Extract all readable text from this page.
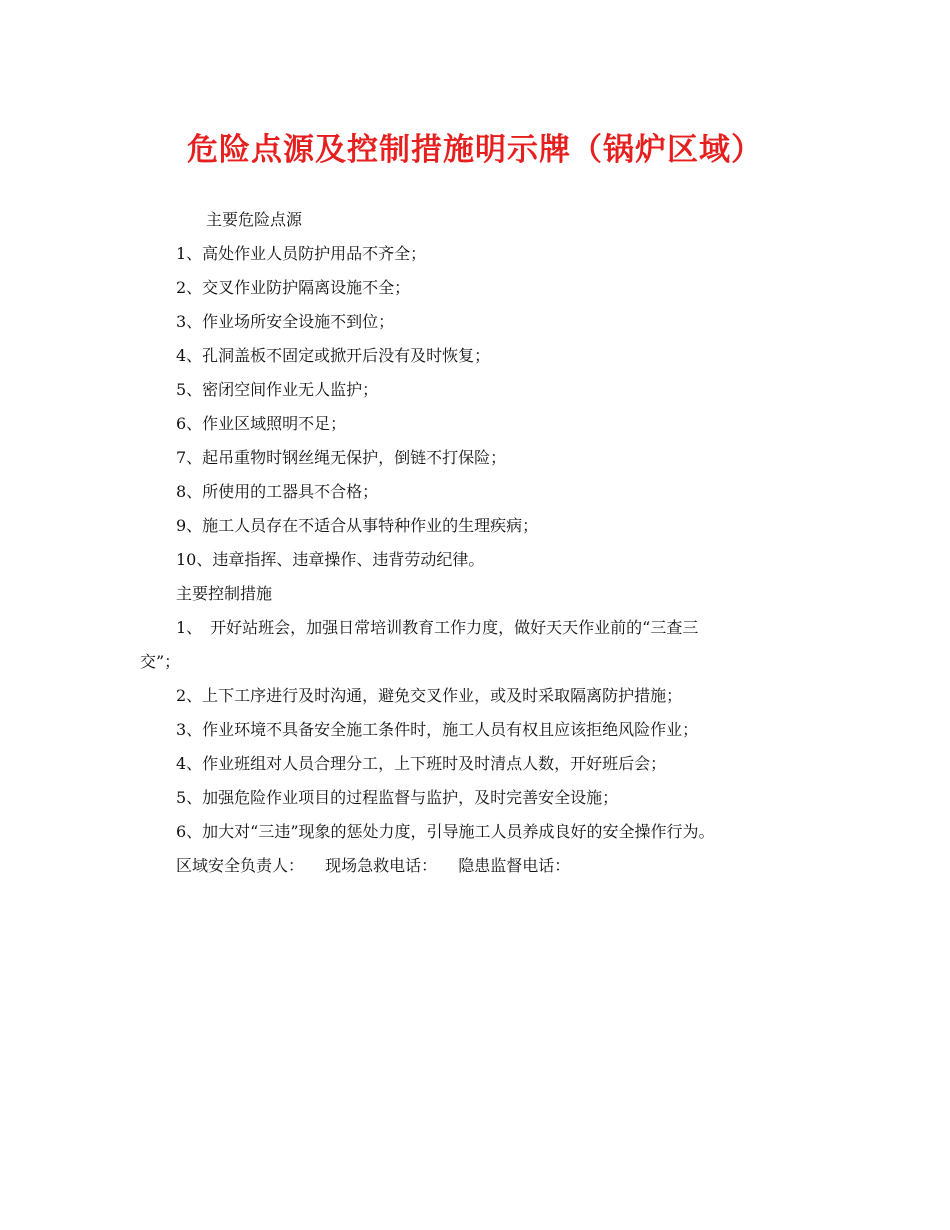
危险点源及控制措施明示牌（锅炉区域）
主要危险点源
1、高处作业人员防护用品不齐全；
2、交叉作业防护隔离设施不全；
3、作业场所安全设施不到位；
4、孔洞盖板不固定或掀开后没有及时恢复；
5、密闭空间作业无人监护；
6、作业区域照明不足；
7、起吊重物时钢丝绳无保护，倒链不打保险；
8、所使用的工器具不合格；
9、施工人员存在不适合从事特种作业的生理疾病；
10、违章指挥、违章操作、违背劳动纪律。
主要控制措施
1、　开好站班会，加强日常培训教育工作力度，做好天天作业前的“三查三
交”；
2、上下工序进行及时沟通，避免交叉作业，或及时采取隔离防护措施；
3、作业环境不具备安全施工条件时，施工人员有权且应该拒绝风险作业；
4、作业班组对人员合理分工，上下班时及时清点人数，开好班后会；
5、加强危险作业项目的过程监督与监护，及时完善安全设施；
6、加大对“三违”现象的惩处力度，引导施工人员养成良好的安全操作行为。
区域安全负责人： 现场急救电话： 隐患监督电话：
